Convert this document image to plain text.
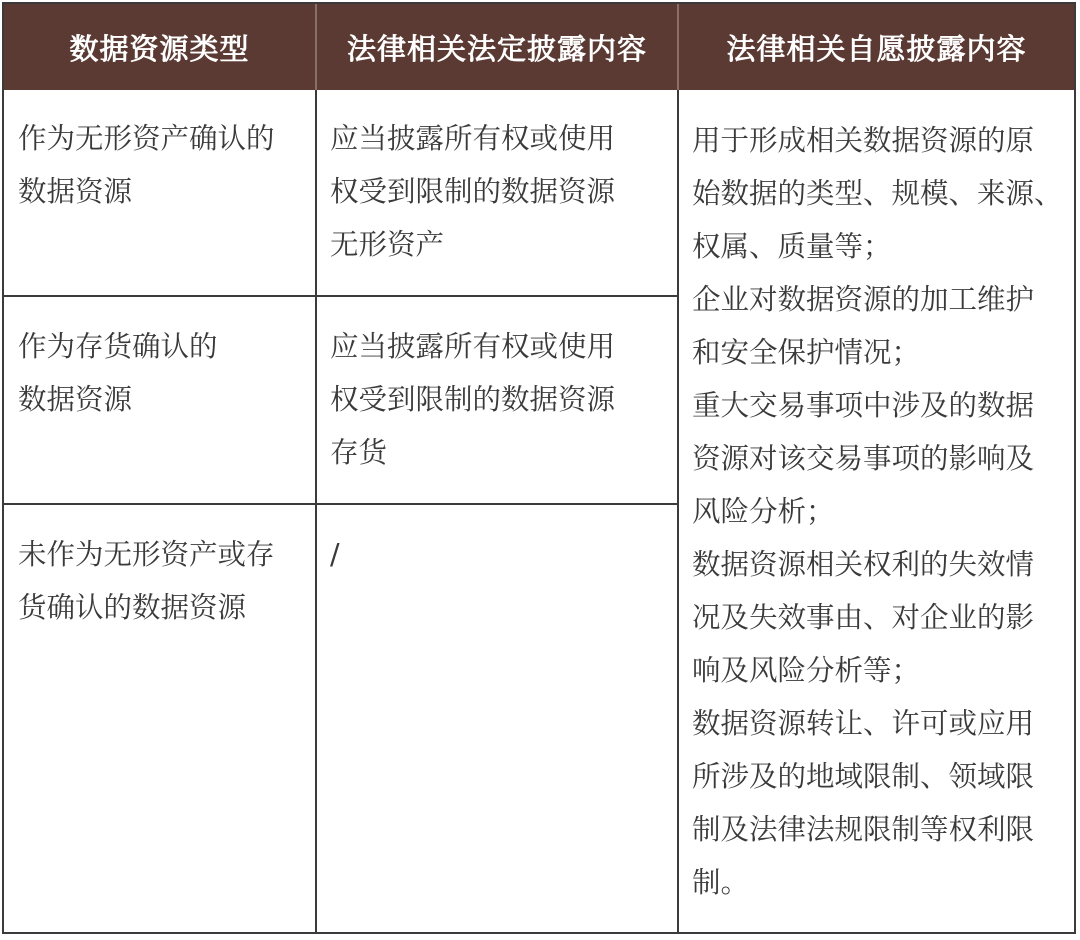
数据资源类型	法律相关法定披露内容	法律相关自愿披露内容
作为无形资产确认的
数据资源
应当披露所有权或使用
权受到限制的数据资源
无形资产
作为存货确认的
数据资源
应当披露所有权或使用
权受到限制的数据资源
存货
未作为无形资产或存
货确认的数据资源
/
用于形成相关数据资源的原
始数据的类型、规模、来源、
权属、质量等；
企业对数据资源的加工维护
和安全保护情况；
重大交易事项中涉及的数据
资源对该交易事项的影响及
风险分析；
数据资源相关权利的失效情
况及失效事由、对企业的影
响及风险分析等；
数据资源转让、许可或应用
所涉及的地域限制、领域限
制及法律法规限制等权利限
制。
